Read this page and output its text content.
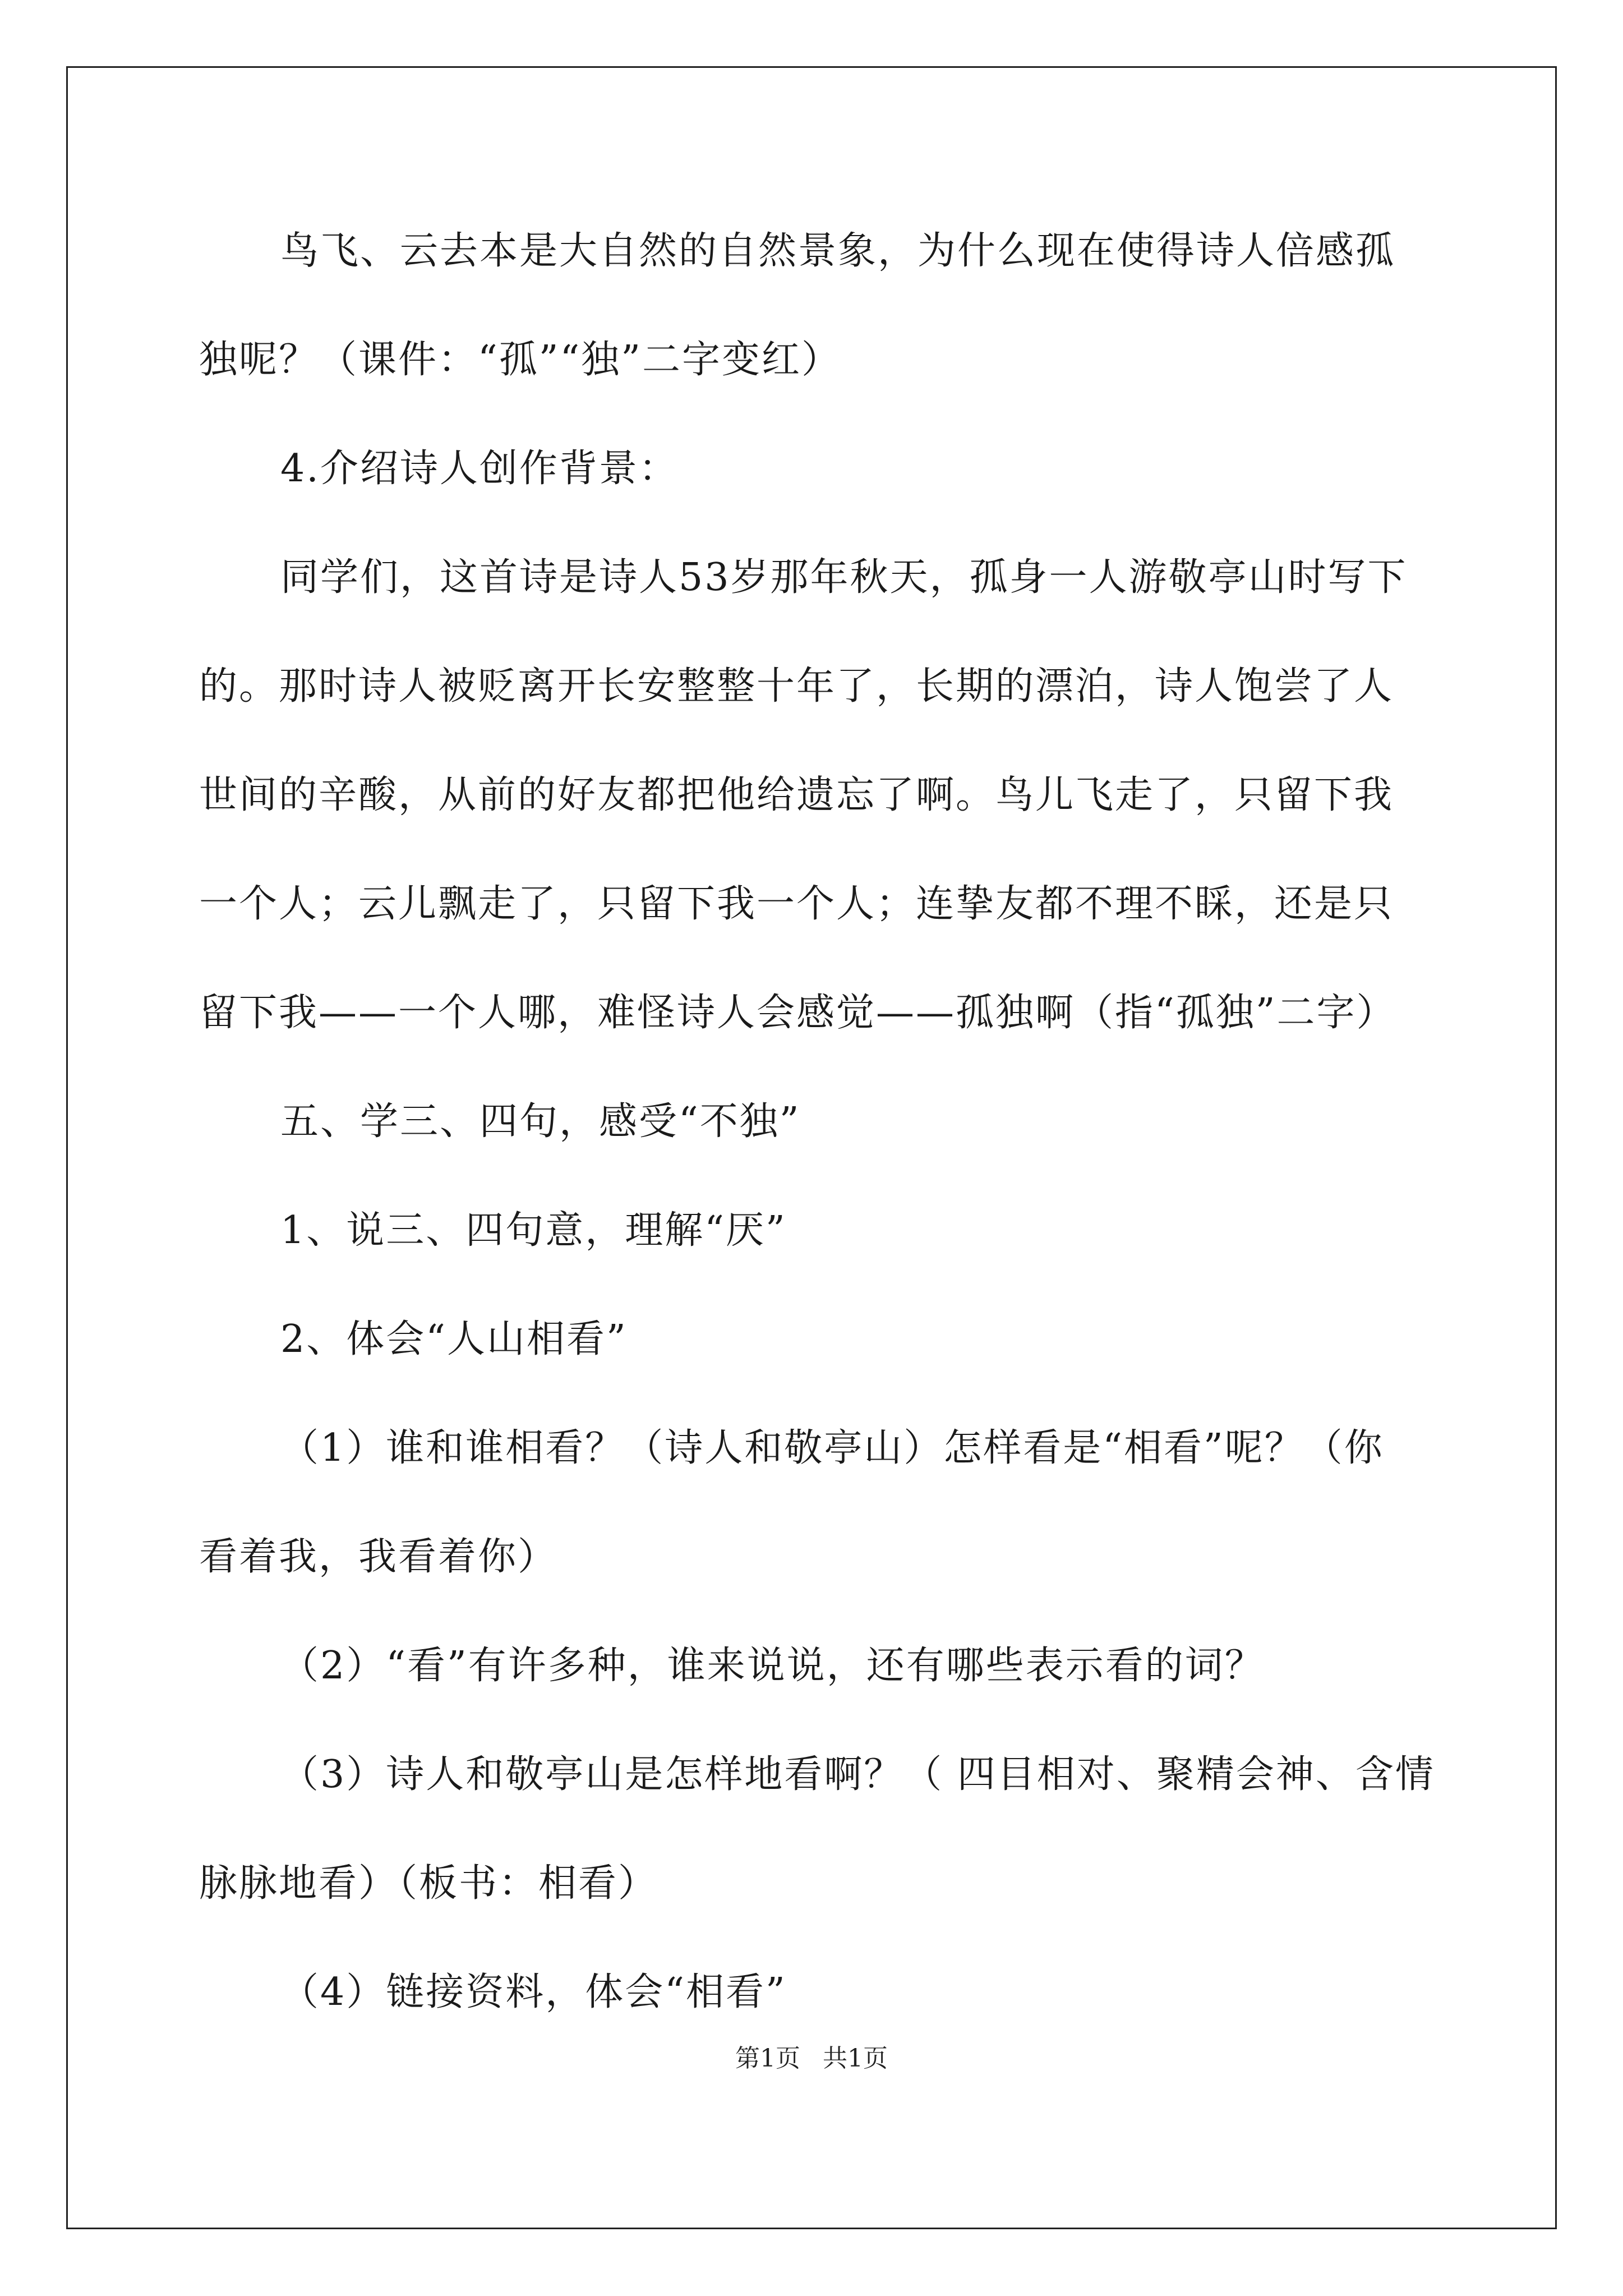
鸟飞、云去本是大自然的自然景象，为什么现在使得诗人倍感孤
独呢？（课件：“孤”“独”二字变红）
4.介绍诗人创作背景：
同学们，这首诗是诗人53岁那年秋天，孤身一人游敬亭山时写下
的。那时诗人被贬离开长安整整十年了，长期的漂泊，诗人饱尝了人
世间的辛酸，从前的好友都把他给遗忘了啊。鸟儿飞走了，只留下我
一个人；云儿飘走了，只留下我一个人；连挚友都不理不睬，还是只
留下我——一个人哪，难怪诗人会感觉——孤独啊（指“孤独”二字）
五、学三、四句，感受“不独”
1、说三、四句意，理解“厌”
2、体会“人山相看”
（1）谁和谁相看？（诗人和敬亭山）怎样看是“相看”呢？（你
看着我，我看着你）
（2）“看”有许多种，谁来说说，还有哪些表示看的词？
（3）诗人和敬亭山是怎样地看啊？（ 四目相对、聚精会神、含情
脉脉地看）（板书：相看）
（4）链接资料，体会“相看”
第1页 共1页
